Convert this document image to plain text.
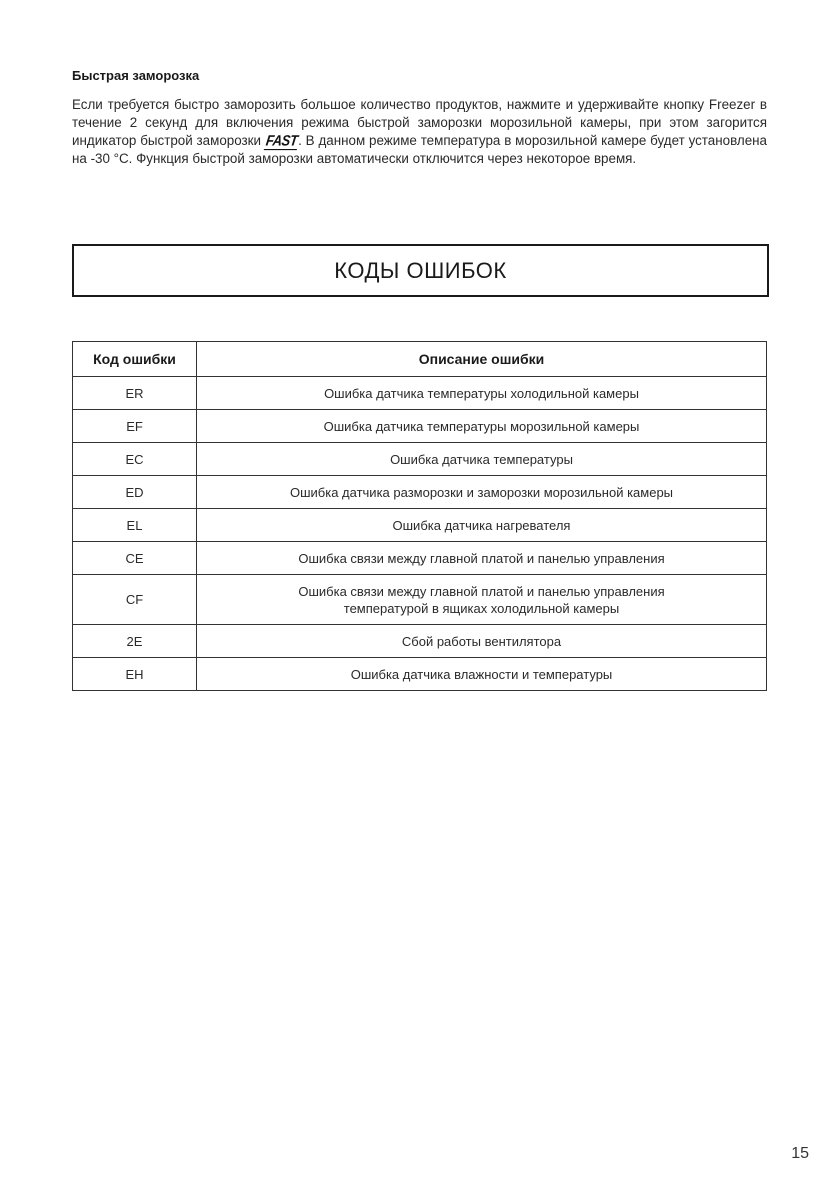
Быстрая заморозка

Если требуется быстро заморозить большое количество продуктов, нажмите и удерживайте кнопку Freezer в течение 2 секунд для включения режима быстрой заморозки морозильной камеры, при этом загорится индикатор быстрой заморозки FAST. В данном режиме температура в морозильной камере будет установлена на -30 °С. Функция быстрой заморозки автоматически отключится через некоторое время.

КОДЫ ОШИБОК
Код ошибки	Описание ошибки
ER	Ошибка датчика температуры холодильной камеры
EF	Ошибка датчика температуры морозильной камеры
EC	Ошибка датчика температуры
ED	Ошибка датчика разморозки и заморозки морозильной камеры
EL	Ошибка датчика нагревателя
CE	Ошибка связи между главной платой и панелью управления
CF	Ошибка связи между главной платой и панелью управления
температурой в ящиках холодильной камеры
2E	Сбой работы вентилятора
EH	Ошибка датчика влажности и температуры
15
